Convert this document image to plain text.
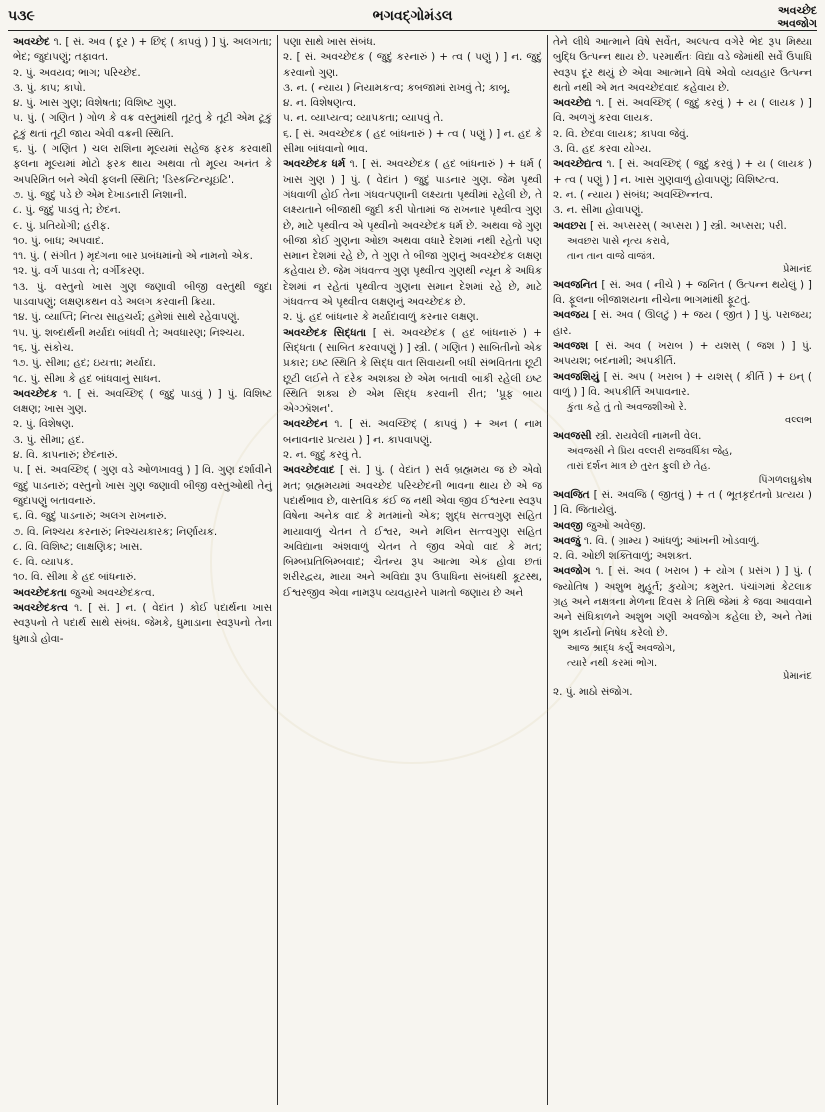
૫૩૯	ભગવદ્ગોમંડલ	અવચ્છેદ
અવજોગ
અવચ્છેદ ૧. [ સં. અવ ( દૂર ) + છિદ્ ( કાપવું ) ] પું. અલગતા; ભેદ; જુદાપણું; તફાવત.
૨. પું. અવયવ; ભાગ; પરિચ્છેદ.
૩. પું. કાપ; કાપો.
૪. પું. ખાસ ગુણ; વિશેષતા; વિશિષ્ટ ગુણ.
૫. પું. ( ગણિત ) ગોળ કે વક્ર વસ્તુમાંથી તૂટતું કે તૂટી એમ ટૂકું ટૂકું થતાં તૂટી જાય એવી વક્રની સ્થિતિ.
૬. પું. ( ગણિત ) ચલ રાશિના મૂલ્યમાં સહેજ ફરક કરવાથી ફલના મૂલ્યમાં મોટો ફરક થાય અથવા તો મૂલ્ય અનંત કે અપરિમિત બને એવી ફલની સ્થિતિ; 'ડિસ્કન્ટિન્યૂઇટિ'.
૭. પું. જુદું પડે છે એમ દેખાડનારી નિશાની.
૮. પું. જુદું પાડવું તે; છેદન.
૯. પું. પ્રતિયોગી; હરીફ.
૧૦. પું. બાધ; અપવાદ.
૧૧. પું. ( સંગીત ) મૃદંગના બાર પ્રબંધમાંનો એ નામનો એક.
૧૨. પું. વર્ગ પાડવા તે; વર્ગીકરણ.
૧૩. પું. વસ્તુનો ખાસ ગુણ જણાવી બીજી વસ્તુથી જુદા પાડવાપણું; લક્ષણકથન વડે અલગ કરવાની ક્રિયા.
૧૪. પું. વ્યાપ્તિ; નિત્ય સાહચર્ય; હમેશાં સાથે રહેવાપણું.
૧૫. પું. શબ્દાર્થની મર્યાદા બાંધવી તે; અવધારણ; નિશ્ચય.
૧૬. પું. સંકોચ.
૧૭. પું. સીમા; હદ; ઇયત્તા; મર્યાદા.
૧૮. પું. સીમા કે હદ બાંધવાનું સાધન.
અવચ્છેદક ૧. [ સં. અવચ્છિદ્ ( જુદું પાડવું ) ] પું. વિશિષ્ટ લક્ષણ; ખાસ ગુણ.
૨. પું. વિશેષણ.
૩. પું. સીમા; હદ.
૪. વિ. કાપનારું; છેદનારું.
૫. [ સં. અવચ્છિદ્ ( ગુણ વડે ઓળખાવવું ) ] વિ. ગુણ દર્શાવીને જુદું પાડનારું; વસ્તુનો ખાસ ગુણ જણાવી બીજી વસ્તુઓથી તેનું જુદાપણું બતાવનારું.
૬. વિ. જુદું પાડનારું; અલગ રાખનારું.
૭. વિ. નિશ્ચય કરનારું; નિશ્ચયકારક; નિર્ણાયક.
૮. વિ. વિશિષ્ટ; લાક્ષણિક; ખાસ.
૯. વિ. વ્યાપક.
૧૦. વિ. સીમા કે હદ બાંધનારું.
અવચ્છેદકતા જુઓ અવચ્છેદકત્વ.
અવચ્છેદકત્વ ૧. [ સં. ] ન. ( વેદાંત ) કોઈ પદાર્થના ખાસ સ્વરૂપનો તે પદાર્થ સાથે સંબંધ. જેમકે, ધુમાડાના સ્વરૂપનો તેના ધુમાડો હોવા-
પણા સાથે ખાસ સંબંધ.
૨. [ સં. અવચ્છેદક ( જુદું કરનારું ) + ત્વ ( પણું ) ] ન. જુદું કરવાનો ગુણ.
૩. ન. ( ન્યાય ) નિયામકત્વ; કબજામાં રાખવું તે; કાબૂ.
૪. ન. વિશેષણત્વ.
૫. ન. વ્યાપ્યત્વ; વ્યાપકતા; વ્યાપવું તે.
૬. [ સં. અવચ્છેદક ( હદ બાંધનારું ) + ત્વ ( પણું ) ] ન. હદ કે સીમા બાંધવાનો ભાવ.
અવચ્છેદક ધર્મ ૧. [ સં. અવચ્છેદક ( હદ બાંધનારું ) + ધર્મ ( ખાસ ગુણ ) ] પું. ( વેદાંત ) જુદું પાડનાર ગુણ. જેમ પૃથ્વી ગંધવાળી હોઈ તેના ગંધવત્પણાની લક્ષ્યતા પૃથ્વીમાં રહેલી છે, તે લક્ષ્યતાને બીજાથી જુદી કરી પોતામાં જ રાખનાર પૃથ્વીત્વ ગુણ છે, માટે પૃથ્વીત્વ એ પૃથ્વીનો અવચ્છેદક ધર્મ છે. અથવા જે ગુણ બીજા કોઈ ગુણના ઓછા અથવા વધારે દેશમાં નથી રહેતો પણ સમાન દેશમાં રહે છે, તે ગુણ તે બીજા ગુણનું અવચ્છેદક લક્ષણ કહેવાય છે. જેમ ગંધવત્ત્વ ગુણ પૃથ્વીત્વ ગુણથી ન્યૂન કે અધિક દેશમાં ન રહેતાં પૃથ્વીત્વ ગુણના સમાન દેશમાં રહે છે, માટે ગંધવત્ત્વ એ પૃથ્વીત્વ લક્ષણનું અવચ્છેદક છે.
૨. પું. હદ બાંધનાર કે મર્યાદાવાળું કરનાર લક્ષણ.
અવચ્છેદક સિદ્ધતા [ સં. અવચ્છેદક ( હદ બાંધનારું ) + સિદ્ધતા ( સાબિત કરવાપણું ) ] સ્ત્રી. ( ગણિત ) સાબિતીનો એક પ્રકાર; ઇષ્ટ સ્થિતિ કે સિદ્ધ વાત સિવાયની બધી સંભવિતતા છૂટી છૂટી લઈને તે દરેક અશક્ય છે એમ બતાવી બાકી રહેલી ઇષ્ટ સ્થિતિ શક્ય છે એમ સિદ્ધ કરવાની રીત; 'પ્રૂફ બાય એગ્ઝૉશન'.
અવચ્છેદન ૧. [ સં. અવચ્છિદ્ ( કાપવું ) + અન ( નામ બનાવનાર પ્રત્યય ) ] ન. કાપવાપણું.
૨. ન. જુદું કરવું તે.
અવચ્છેદવાદ [ સં. ] પું. ( વેદાંત ) સર્વ બ્રહ્મમય જ છે એવો મત; બ્રહ્મમયમાં અવચ્છેદ પરિચ્છેદની ભાવના થાય છે એ જ પદાર્થભાવ છે, વાસ્તવિક કંઈ જ નથી એવા જીવ ઈશ્વરના સ્વરૂપ વિષેના અનેક વાદ કે મતમાંનો એક; શુદ્ધ સત્ત્વગુણ સહિત માયાવાળું ચેતન તે ઈશ્વર, અને મલિન સત્ત્વગુણ સહિત અવિદ્યાના અંશવાળું ચેતન તે જીવ એવો વાદ કે મત; બિમ્બપ્રતિબિમ્બવાદ; ચૈતન્ય રૂપ આત્મા એક હોવા છતાં શરીરદ્વય, માયા અને અવિદ્યા રૂપ ઉપાધિના સંબંધથી કૂટસ્થ, ઈશ્વરજીવ એવા નામરૂપ વ્યવહારને પામતો જણાય છે અને
તેને લીધે આત્માને વિષે સર્વેત, અલ્પત્વ વગેરે ભેદ રૂપ મિથ્યા બુદ્ધિ ઉત્પન્ન થાય છે. પરમાર્થતઃ વિદ્યા વડે જેમાંથી સર્વે ઉપાધિ સ્વરૂપ દૂર થયું છે એવા આત્માને વિષે એવો વ્યવહાર ઉત્પન્ન થતો નથી એ મત અવચ્છેદવાદ કહેવાય છે.
અવચ્છેદ્ય ૧. [ સં. અવચ્છિદ્ ( જુદું કરવું ) + ય ( લાયક ) ] વિ. અળગું કરવા લાયક.
૨. વિ. છેદવા લાયક; કાપવા જેવું.
૩. વિ. હદ કરવા યોગ્ય.
અવચ્છેદ્યત્વ ૧. [ સં. અવચ્છિદ્ ( જુદું કરવું ) + ય ( લાયક ) + ત્વ ( પણું ) ] ન. ખાસ ગુણવાળું હોવાપણું; વિશિષ્ટત્વ.
૨. ન. ( ન્યાય ) સંબંધ; અવચ્છિન્નત્વ.
૩. ન. સીમા હોવાપણું.
અવછરા [ સં. અપ્સરસ્ ( અપ્સરા ) ] સ્ત્રી. અપ્સરા; પરી.
અવછરા પાસે નૃત્ય કરાવે,
તાન તાન વાજે વાજંત્ર.
પ્રેમાનંદ
અવજનિત [ સં. અવ ( નીચે ) + જનિત ( ઉત્પન્ન થયેલું ) ] વિ. ફૂલના બીજાશયના નીચેના ભાગમાંથી ફૂટતું.
અવજય [ સં. અવ ( ઊલટું ) + જય ( જીત ) ] પું. પરાજય; હાર.
અવજશ [ સં. અવ ( ખરાબ ) + યશસ્ ( જશ ) ] પું. અપયશ; બદનામી; અપકીર્તિ.
અવજશિયું [ સં. અપ ( ખરાબ ) + યશસ્ ( કીર્તિ ) + ઇન્ ( વાળું ) ] વિ. અપકીર્તિ અપાવનાર.
કુંતા કહે તું તો અવજશીઓ રે.
વલ્લભ
અવજસી સ્ત્રી. રાયવેલી નામની વેલ.
અવજસી ને પ્રિય વલ્લરી રાજવર્ધિકા જેહ,
તારાં દર્શન માત્ર છે તુરત ફુલી છે તેહ.
પિંગળલઘુકોષ
અવજિત [ સં. અવજિ ( જીતવું ) + ત ( ભૂતકૃદંતનો પ્રત્યય ) ] વિ. જિતાયેલું.
અવજી જુઓ અવેજી.
અવજું ૧. વિ. ( ગ્રામ્ય ) આંધળું; આંખની ખોડવાળું.
૨. વિ. ઓછી શક્તિવાળું; અશક્ત.
અવજોગ ૧. [ સં. અવ ( ખરાબ ) + યોગ ( પ્રસંગ ) ] પું. ( જ્યોતિષ ) અશુભ મુહૂર્ત; કુયોગ; કમુરત. પંચાંગમાં કેટલાક ગ્રહ અને નક્ષત્રના મેળના દિવસ કે તિથિ જેમાં કે જવા આવવાને અને સંધિકાળને અશુભ ગણી અવજોગ કહેલા છે, અને તેમાં શુભ કાર્યનો નિષેધ કરેલો છે.
આજ શ્રાદ્ધ કર્યું અવજોગ,
ત્યારે નથી કરમાં ભોગ.
પ્રેમાનંદ
૨. પું. માઠો સંજોગ.
